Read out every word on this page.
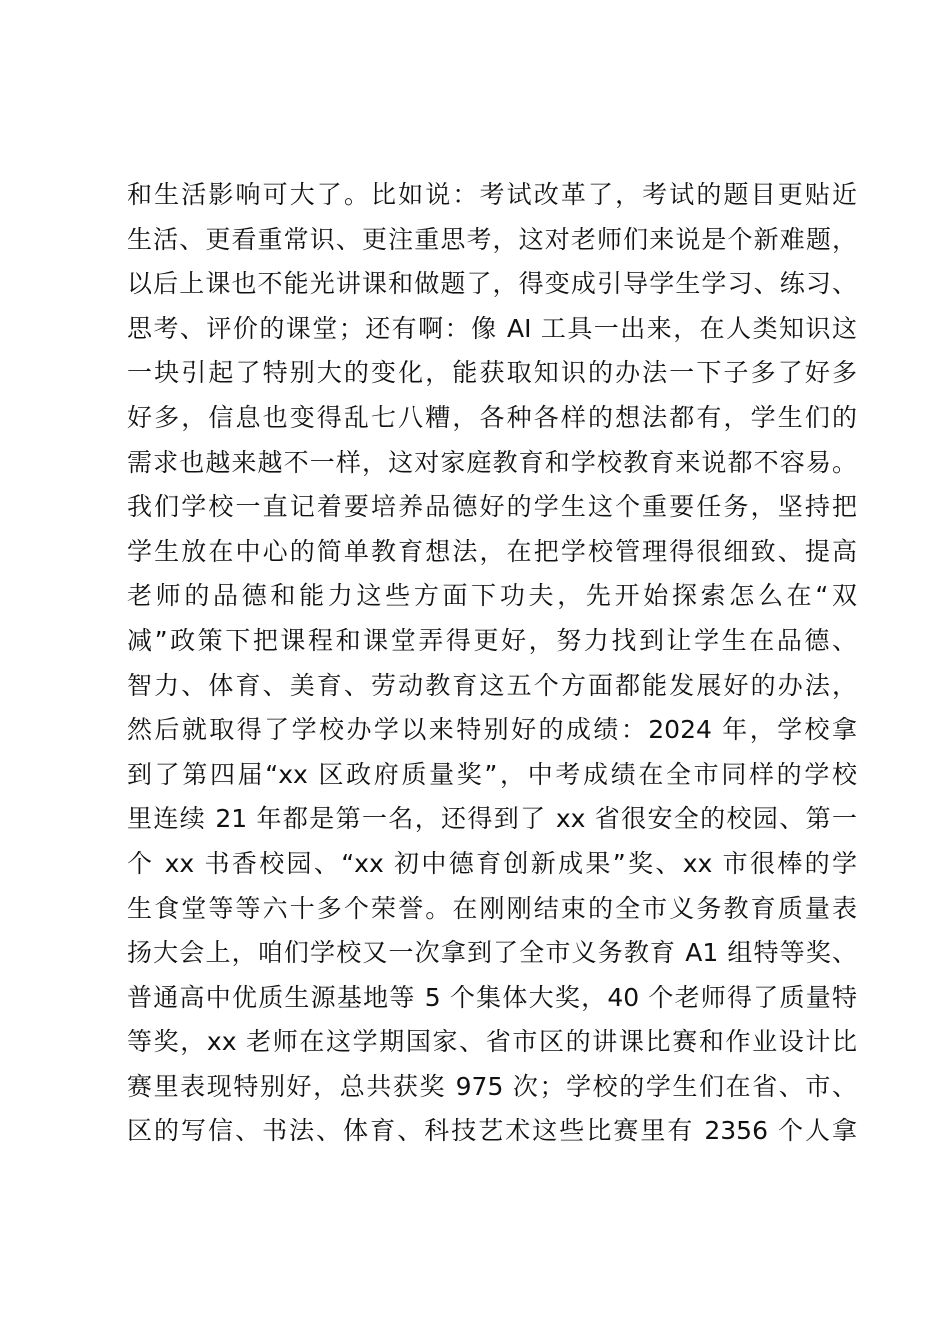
和生活影响可大了。比如说：考试改革了，考试的题目更贴近
生活、更看重常识、更注重思考，这对老师们来说是个新难题，
以后上课也不能光讲课和做题了，得变成引导学生学习、练习、
思考、评价的课堂；还有啊：像 AI 工具一出来，在人类知识这
一块引起了特别大的变化，能获取知识的办法一下子多了好多
好多，信息也变得乱七八糟，各种各样的想法都有，学生们的
需求也越来越不一样，这对家庭教育和学校教育来说都不容易。
我们学校一直记着要培养品德好的学生这个重要任务，坚持把
学生放在中心的简单教育想法，在把学校管理得很细致、提高
老师的品德和能力这些方面下功夫，先开始探索怎么在“双
减”政策下把课程和课堂弄得更好，努力找到让学生在品德、
智力、体育、美育、劳动教育这五个方面都能发展好的办法，
然后就取得了学校办学以来特别好的成绩：2024 年，学校拿
到了第四届“xx 区政府质量奖”，中考成绩在全市同样的学校
里连续 21 年都是第一名，还得到了 xx 省很安全的校园、第一
个 xx 书香校园、“xx 初中德育创新成果”奖、xx 市很棒的学
生食堂等等六十多个荣誉。在刚刚结束的全市义务教育质量表
扬大会上，咱们学校又一次拿到了全市义务教育 A1 组特等奖、
普通高中优质生源基地等 5 个集体大奖，40 个老师得了质量特
等奖，xx 老师在这学期国家、省市区的讲课比赛和作业设计比
赛里表现特别好，总共获奖 975 次；学校的学生们在省、市、
区的写信、书法、体育、科技艺术这些比赛里有 2356 个人拿
